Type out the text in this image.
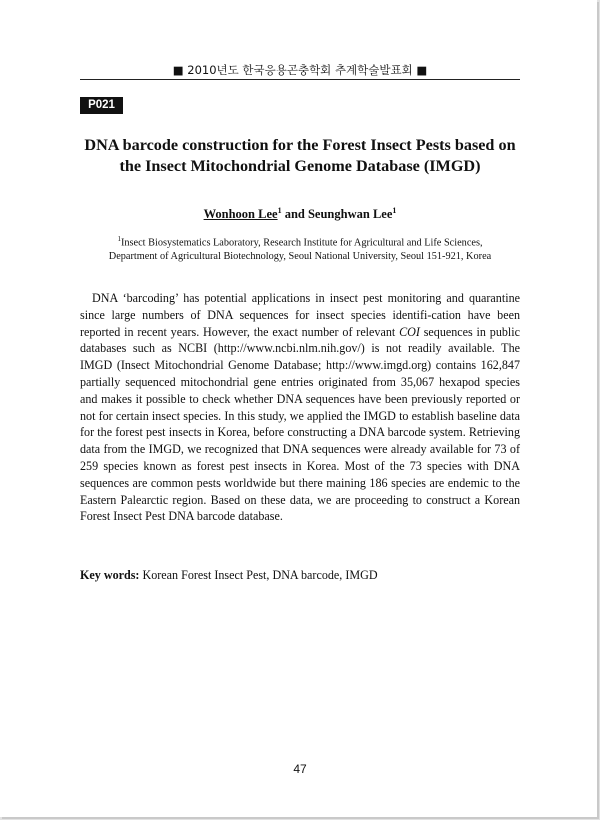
■ 2010년도 한국응용곤충학회 추계학술발표회 ■
P021
DNA barcode construction for the Forest Insect Pests based on
the Insect Mitochondrial Genome Database (IMGD)
Wonhoon Lee$^1$ and Seunghwan Lee$^1$
$^1$Insect Biosystematics Laboratory, Research Institute for Agricultural and Life Sciences,
Department of Agricultural Biotechnology, Seoul National University, Seoul 151-921, Korea

DNA ‘barcoding’ has potential applications in insect pest monitoring and quarantine since large numbers of DNA sequences for insect species identifi-cation have been reported in recent years. However, the exact number of relevant COI sequences in public databases such as NCBI (http://www.ncbi.nlm.nih.gov/) is not readily available. The IMGD (Insect Mitochondrial Genome Database; http://www.imgd.org) contains 162,847 partially sequenced mitochondrial gene entries originated from 35,067 hexapod species and makes it possible to check whether DNA sequences have been previously reported or not for certain insect species. In this study, we applied the IMGD to establish baseline data for the forest pest insects in Korea, before constructing a DNA barcode system. Retrieving data from the IMGD, we recognized that DNA sequences were already available for 73 of 259 species known as forest pest insects in Korea. Most of the 73 species with DNA sequences are common pests worldwide but there maining 186 species are endemic to the Eastern Palearctic region. Based on these data, we are proceeding to construct a Korean Forest Insect Pest DNA barcode database.

Key words: Korean Forest Insect Pest, DNA barcode, IMGD
47
